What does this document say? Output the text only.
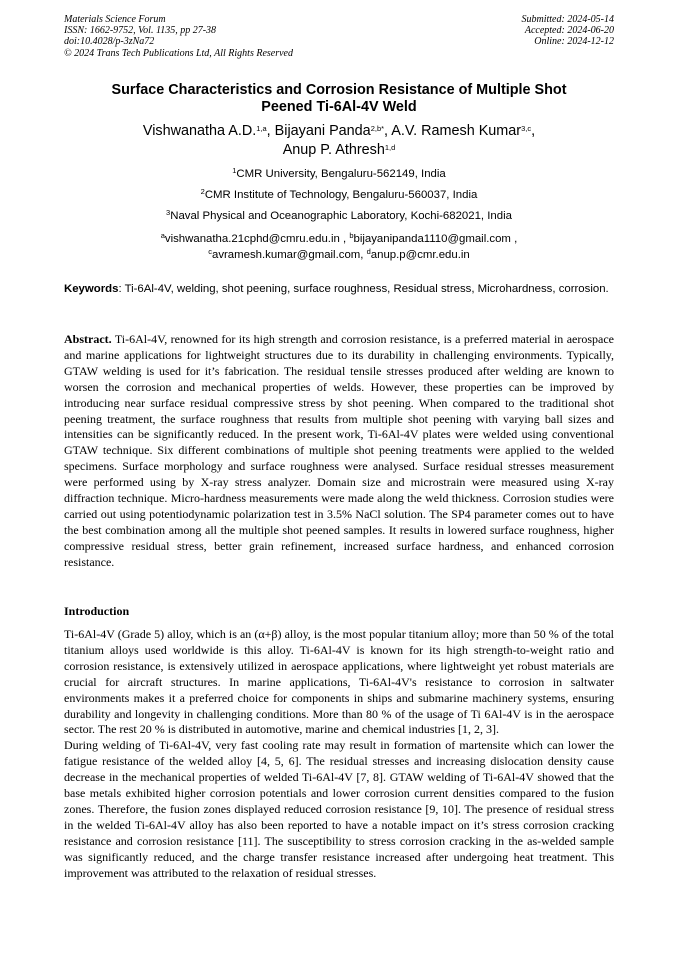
Materials Science Forum
ISSN: 1662-9752, Vol. 1135, pp 27-38
doi:10.4028/p-3zNa72
© 2024 Trans Tech Publications Ltd, All Rights Reserved
Submitted: 2024-05-14
Accepted: 2024-06-20
Online: 2024-12-12
Surface Characteristics and Corrosion Resistance of Multiple Shot
Peened Ti-6Al-4V Weld
Vishwanatha A.D.$^{1,a}$, Bijayani Panda$^{2,b*}$, A.V. Ramesh Kumar$^{3,c}$,
Anup P. Athresh$^{1,d}$
$^1$CMR University, Bengaluru-562149, India
$^2$CMR Institute of Technology, Bengaluru-560037, India
$^3$Naval Physical and Oceanographic Laboratory, Kochi-682021, India
$^a$vishwanatha.21cphd@cmru.edu.in , $^b$bijayanipanda1110@gmail.com ,
$^c$avramesh.kumar@gmail.com, $^d$anup.p@cmr.edu.in
Keywords: Ti-6Al-4V, welding, shot peening, surface roughness, Residual stress, Microhardness, corrosion.
Abstract. Ti-6Al-4V, renowned for its high strength and corrosion resistance, is a preferred material in aerospace and marine applications for lightweight structures due to its durability in challenging environments. Typically, GTAW welding is used for it’s fabrication. The residual tensile stresses produced after welding are known to worsen the corrosion and mechanical properties of welds. However, these properties can be improved by introducing near surface residual compressive stress by shot peening. When compared to the traditional shot peening treatment, the surface roughness that results from multiple shot peening with varying ball sizes and intensities can be significantly reduced. In the present work, Ti-6Al-4V plates were welded using conventional GTAW technique. Six different combinations of multiple shot peening treatments were applied to the welded specimens. Surface morphology and surface roughness were analysed. Surface residual stresses measurement were performed using by X-ray stress analyzer. Domain size and microstrain were measured using X-ray diffraction technique. Micro-hardness measurements were made along the weld thickness. Corrosion studies were carried out using potentiodynamic polarization test in 3.5% NaCl solution. The SP4 parameter comes out to have the best combination among all the multiple shot peened samples. It results in lowered surface roughness, higher compressive residual stress, better grain refinement, increased surface hardness, and enhanced corrosion resistance.
Introduction

Ti-6Al-4V (Grade 5) alloy, which is an (α+β) alloy, is the most popular titanium alloy; more than 50 % of the total titanium alloys used worldwide is this alloy. Ti-6Al-4V is known for its high strength-to-weight ratio and corrosion resistance, is extensively utilized in aerospace applications, where lightweight yet robust materials are crucial for aircraft structures. In marine applications, Ti-6Al-4V's resistance to corrosion in saltwater environments makes it a preferred choice for components in ships and submarine machinery systems, ensuring durability and longevity in challenging conditions. More than 80 % of the usage of Ti 6Al-4V is in the aerospace sector. The rest 20 % is distributed in automotive, marine and chemical industries [1, 2, 3].

During welding of Ti-6Al-4V, very fast cooling rate may result in formation of martensite which can lower the fatigue resistance of the welded alloy [4, 5, 6]. The residual stresses and increasing dislocation density cause decrease in the mechanical properties of welded Ti-6Al-4V [7, 8]. GTAW welding of Ti-6Al-4V showed that the base metals exhibited higher corrosion potentials and lower corrosion current densities compared to the fusion zones. Therefore, the fusion zones displayed reduced corrosion resistance [9, 10]. The presence of residual stress in the welded Ti-6Al-4V alloy has also been reported to have a notable impact on it’s stress corrosion cracking resistance and corrosion resistance [11]. The susceptibility to stress corrosion cracking in the as-welded sample was significantly reduced, and the charge transfer resistance increased after undergoing heat treatment. This improvement was attributed to the relaxation of residual stresses.
